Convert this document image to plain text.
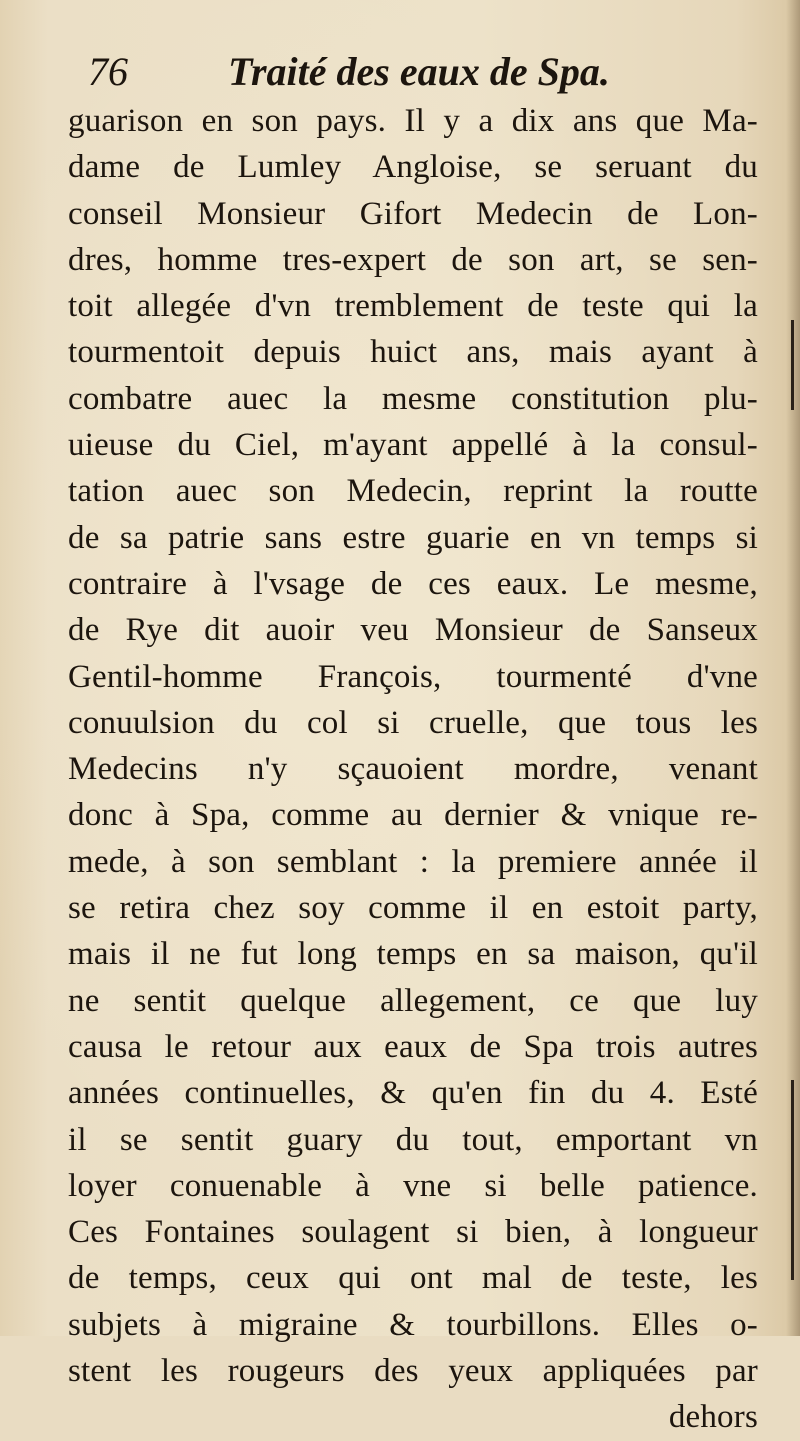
76	Traité des eaux de Spa.
guarison en son pays. Il y a dix ans que Ma-
dame de Lumley Angloise, se seruant du
conseil Monsieur Gifort Medecin de Lon-
dres, homme tres-expert de son art, se sen-
toit allegée d'vn tremblement de teste qui la
tourmentoit depuis huict ans, mais ayant à
combatre auec la mesme constitution plu-
uieuse du Ciel, m'ayant appellé à la consul-
tation auec son Medecin, reprint la routte
de sa patrie sans estre guarie en vn temps si
contraire à l'vsage de ces eaux. Le mesme,
de Rye dit auoir veu Monsieur de Sanseux
Gentil-homme François, tourmenté d'vne
conuulsion du col si cruelle, que tous les
Medecins n'y sçauoient mordre, venant
donc à Spa, comme au dernier & vnique re-
mede, à son semblant : la premiere année il
se retira chez soy comme il en estoit party,
mais il ne fut long temps en sa maison, qu'il
ne sentit quelque allegement, ce que luy
causa le retour aux eaux de Spa trois autres
années continuelles, & qu'en fin du 4. Esté
il se sentit guary du tout, emportant vn
loyer conuenable à vne si belle patience.
Ces Fontaines soulagent si bien, à longueur
de temps, ceux qui ont mal de teste, les
subjets à migraine & tourbillons. Elles o-
stent les rougeurs des yeux appliquées par
dehors
